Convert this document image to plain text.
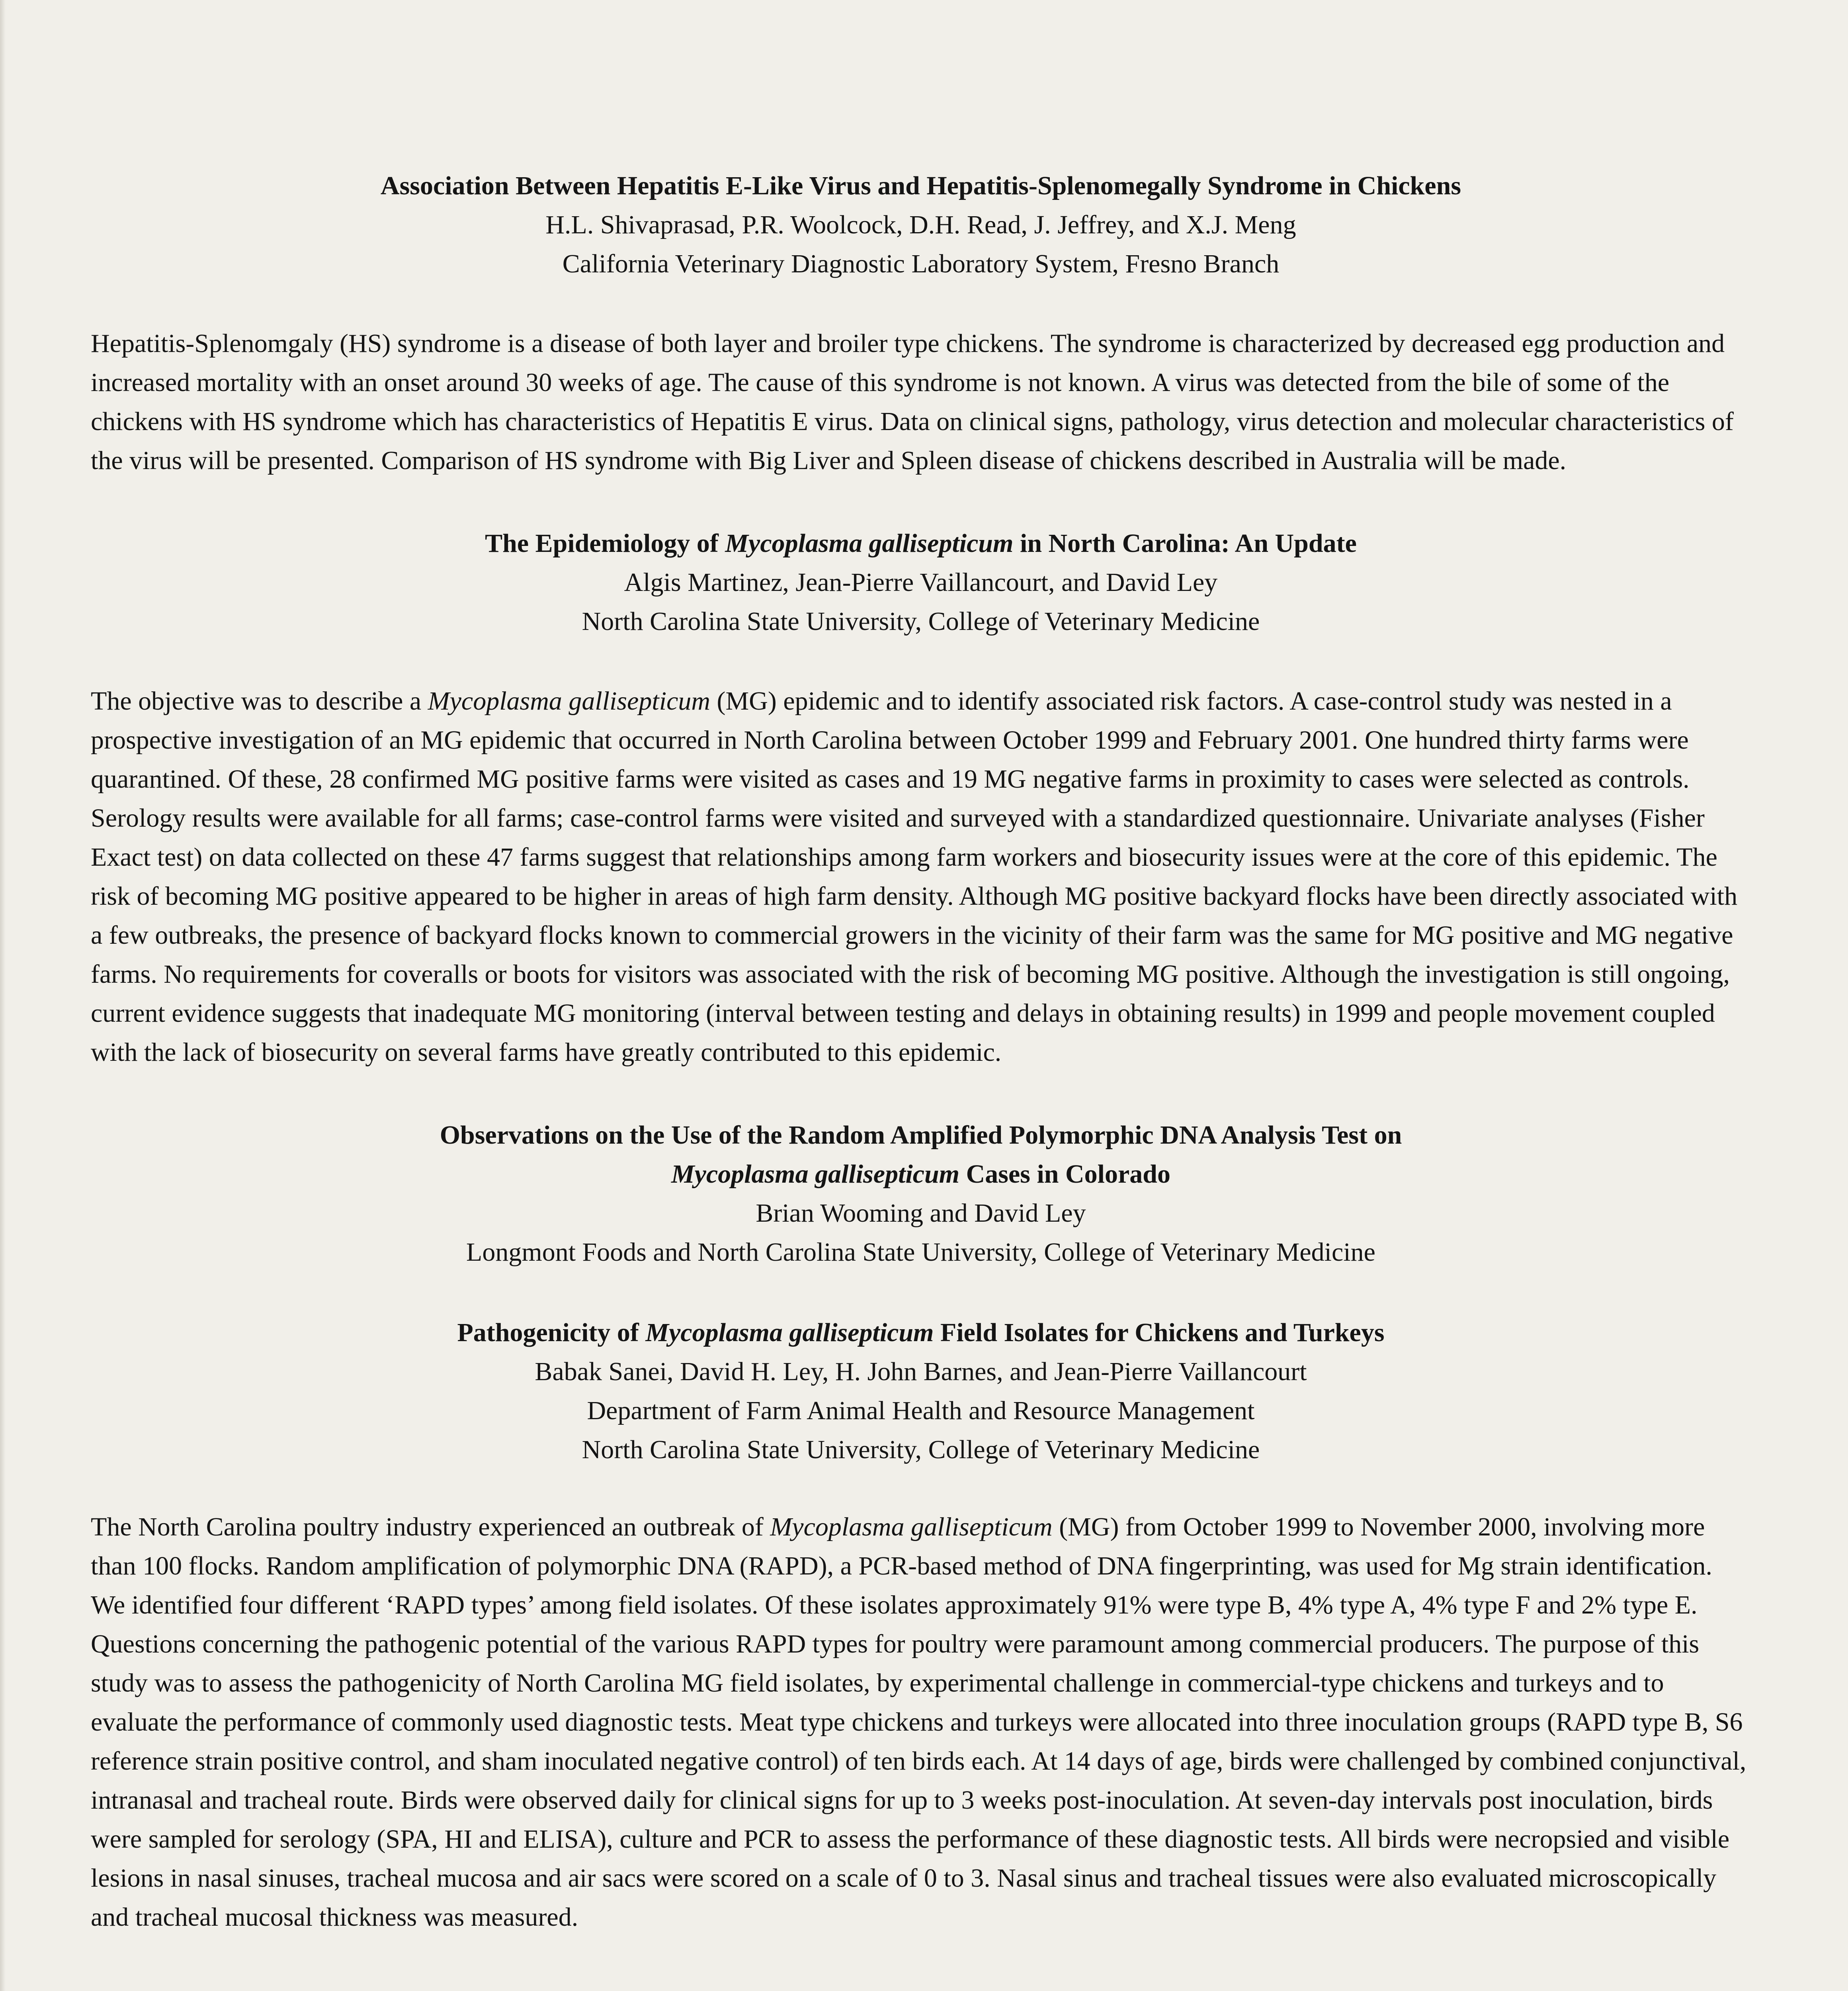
Association Between Hepatitis E-Like Virus and Hepatitis-Splenomegally Syndrome in Chickens

H.L. Shivaprasad, P.R. Woolcock, D.H. Read, J. Jeffrey, and X.J. Meng

California Veterinary Diagnostic Laboratory System, Fresno Branch

Hepatitis-Splenomgaly (HS) syndrome is a disease of both layer and broiler type chickens. The syndrome is characterized by decreased egg production and increased mortality with an onset around 30 weeks of age. The cause of this syndrome is not known. A virus was detected from the bile of some of the chickens with HS syndrome which has characteristics of Hepatitis E virus. Data on clinical signs, pathology, virus detection and molecular characteristics of the virus will be presented. Comparison of HS syndrome with Big Liver and Spleen disease of chickens described in Australia will be made.

The Epidemiology of Mycoplasma gallisepticum in North Carolina: An Update

Algis Martinez, Jean-Pierre Vaillancourt, and David Ley

North Carolina State University, College of Veterinary Medicine

The objective was to describe a Mycoplasma gallisepticum (MG) epidemic and to identify associated risk factors. A case-control study was nested in a prospective investigation of an MG epidemic that occurred in North Carolina between October 1999 and February 2001. One hundred thirty farms were quarantined. Of these, 28 confirmed MG positive farms were visited as cases and 19 MG negative farms in proximity to cases were selected as controls. Serology results were available for all farms; case-control farms were visited and surveyed with a standardized questionnaire. Univariate analyses (Fisher Exact test) on data collected on these 47 farms suggest that relationships among farm workers and biosecurity issues were at the core of this epidemic. The risk of becoming MG positive appeared to be higher in areas of high farm density. Although MG positive backyard flocks have been directly associated with a few outbreaks, the presence of backyard flocks known to commercial growers in the vicinity of their farm was the same for MG positive and MG negative farms. No requirements for coveralls or boots for visitors was associated with the risk of becoming MG positive. Although the investigation is still ongoing, current evidence suggests that inadequate MG monitoring (interval between testing and delays in obtaining results) in 1999 and people movement coupled with the lack of biosecurity on several farms have greatly contributed to this epidemic.

Observations on the Use of the Random Amplified Polymorphic DNA Analysis Test on

Mycoplasma gallisepticum Cases in Colorado

Brian Wooming and David Ley

Longmont Foods and North Carolina State University, College of Veterinary Medicine

Pathogenicity of Mycoplasma gallisepticum Field Isolates for Chickens and Turkeys

Babak Sanei, David H. Ley, H. John Barnes, and Jean-Pierre Vaillancourt

Department of Farm Animal Health and Resource Management

North Carolina State University, College of Veterinary Medicine

The North Carolina poultry industry experienced an outbreak of Mycoplasma gallisepticum (MG) from October 1999 to November 2000, involving more than 100 flocks. Random amplification of polymorphic DNA (RAPD), a PCR-based method of DNA fingerprinting, was used for Mg strain identification. We identified four different ‘RAPD types’ among field isolates. Of these isolates approximately 91% were type B, 4% type A, 4% type F and 2% type E. Questions concerning the pathogenic potential of the various RAPD types for poultry were paramount among commercial producers. The purpose of this study was to assess the pathogenicity of North Carolina MG field isolates, by experimental challenge in commercial-type chickens and turkeys and to evaluate the performance of commonly used diagnostic tests. Meat type chickens and turkeys were allocated into three inoculation groups (RAPD type B, S6 reference strain positive control, and sham inoculated negative control) of ten birds each. At 14 days of age, birds were challenged by combined conjunctival, intranasal and tracheal route. Birds were observed daily for clinical signs for up to 3 weeks post-inoculation. At seven-day intervals post inoculation, birds were sampled for serology (SPA, HI and ELISA), culture and PCR to assess the performance of these diagnostic tests. All birds were necropsied and visible lesions in nasal sinuses, tracheal mucosa and air sacs were scored on a scale of 0 to 3. Nasal sinus and tracheal tissues were also evaluated microscopically and tracheal mucosal thickness was measured.
